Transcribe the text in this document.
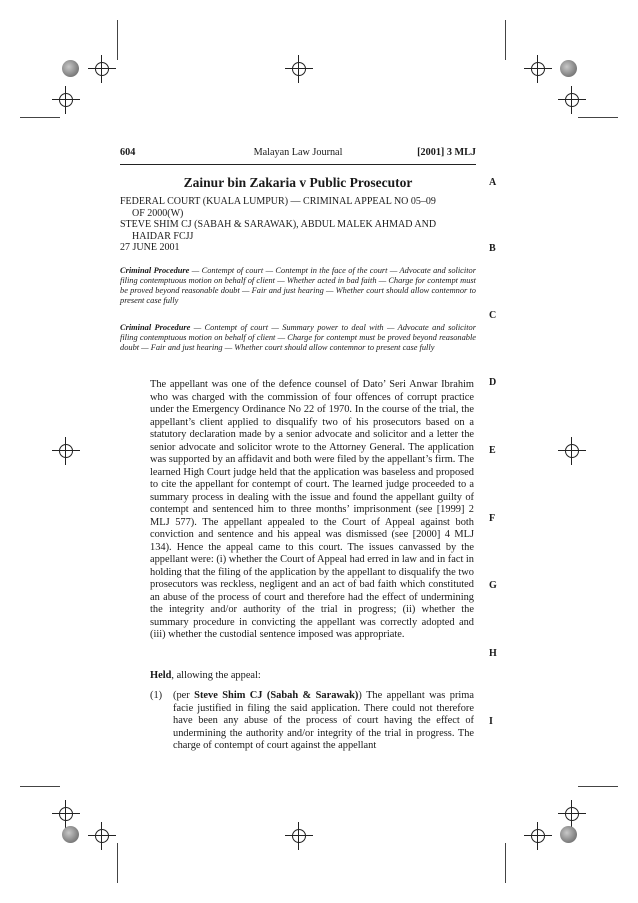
Malayan Law Journal
604	[2001] 3 MLJ
Zainur bin Zakaria v Public Prosecutor
FEDERAL COURT (KUALA LUMPUR) — CRIMINAL APPEAL NO 05–09
OF 2000(W)
STEVE SHIM CJ (SABAH & SARAWAK), ABDUL MALEK AHMAD AND
HAIDAR FCJJ
27 JUNE 2001
Criminal Procedure — Contempt of court — Contempt in the face of the court — Advocate and solicitor filing contemptuous motion on behalf of client — Whether acted in bad faith — Charge for contempt must be proved beyond reasonable doubt — Fair and just hearing — Whether court should allow contemnor to present case fully
Criminal Procedure — Contempt of court — Summary power to deal with — Advocate and solicitor filing contemptuous motion on behalf of client — Charge for contempt must be proved beyond reasonable doubt — Fair and just hearing — Whether court should allow contemnor to present case fully
The appellant was one of the defence counsel of Dato’ Seri Anwar Ibrahim who was charged with the commission of four offences of corrupt practice under the Emergency Ordinance No 22 of 1970. In the course of the trial, the appellant’s client applied to disqualify two of his prosecutors based on a statutory declaration made by a senior advocate and solicitor and a letter the senior advocate and solicitor wrote to the Attorney General. The application was supported by an affidavit and both were filed by the appellant’s firm. The learned High Court judge held that the application was baseless and proposed to cite the appellant for contempt of court. The learned judge proceeded to a summary process in dealing with the issue and found the appellant guilty of contempt and sentenced him to three months’ imprisonment (see [1999] 2 MLJ 577). The appellant appealed to the Court of Appeal against both conviction and sentence and his appeal was dismissed (see [2000] 4 MLJ 134). Hence the appeal came to this court. The issues canvassed by the appellant were: (i) whether the Court of Appeal had erred in law and in fact in holding that the filing of the application by the appellant to disqualify the two prosecutors was reckless, negligent and an act of bad faith which constituted an abuse of the process of court and therefore had the effect of undermining the integrity and/or authority of the trial in progress; (ii) whether the summary procedure in convicting the appellant was correctly adopted and (iii) whether the custodial sentence imposed was appropriate.
Held, allowing the appeal:
(1) (per Steve Shim CJ (Sabah & Sarawak)) The appellant was prima facie justified in filing the said application. There could not therefore have been any abuse of the process of court having the effect of undermining the authority and/or integrity of the trial in progress. The charge of contempt of court against the appellant
A
B
C
D
E
F
G
H
I
